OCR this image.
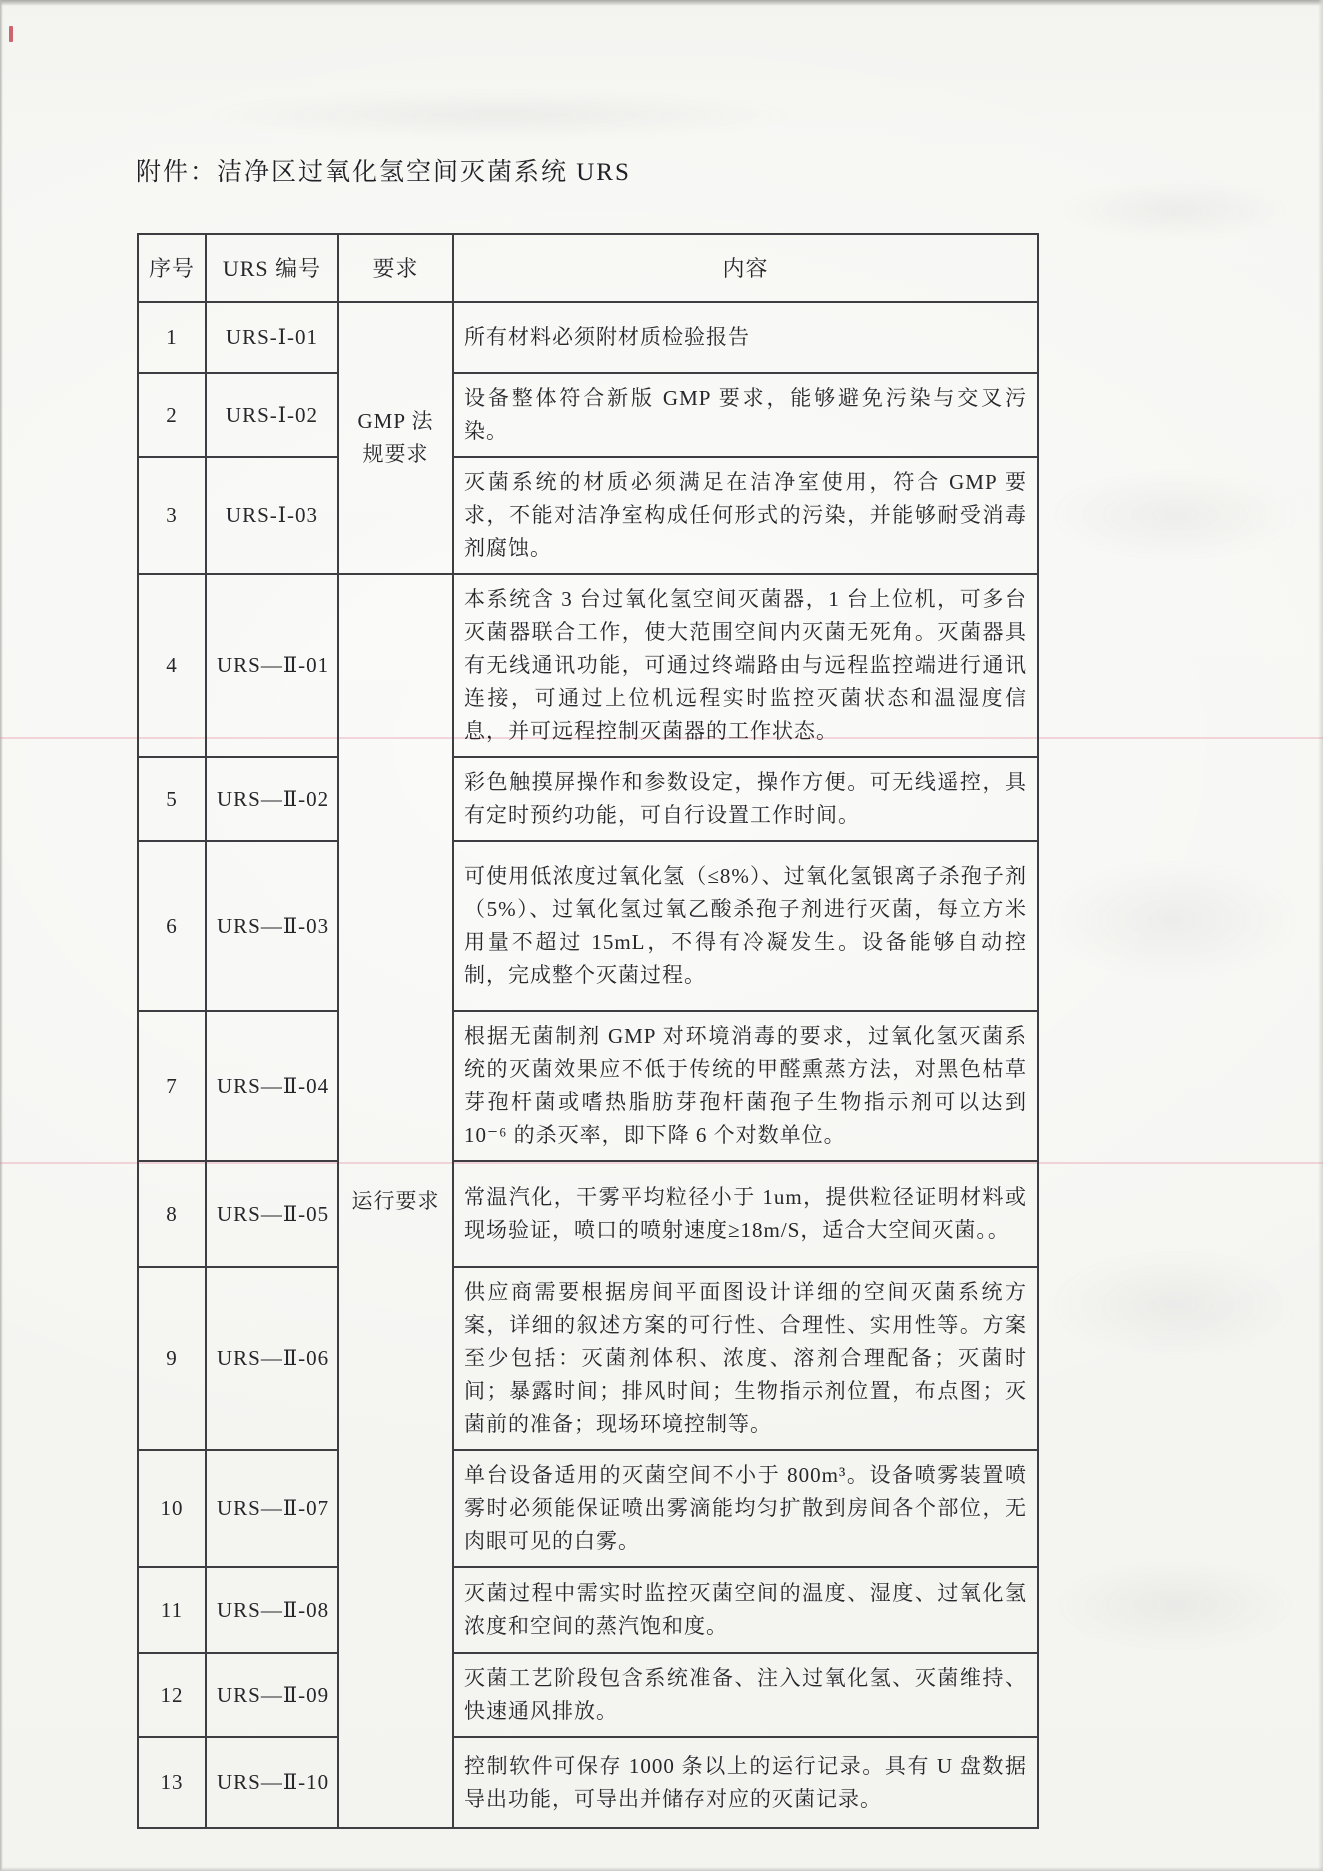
附件：洁净区过氧化氢空间灭菌系统 URS
序号	URS 编号	要求	内容
1	URS-Ⅰ-01	GMP 法规要求	所有材料必须附材质检验报告
2	URS-Ⅰ-02		设备整体符合新版 GMP 要求，能够避免污染与交叉污染。
3	URS-Ⅰ-03		灭菌系统的材质必须满足在洁净室使用，符合 GMP 要求，不能对洁净室构成任何形式的污染，并能够耐受消毒剂腐蚀。
4	URS—Ⅱ-01	运行要求	本系统含 3 台过氧化氢空间灭菌器，1 台上位机，可多台灭菌器联合工作，使大范围空间内灭菌无死角。灭菌器具有无线通讯功能，可通过终端路由与远程监控端进行通讯连接，可通过上位机远程实时监控灭菌状态和温湿度信息，并可远程控制灭菌器的工作状态。
5	URS—Ⅱ-02		彩色触摸屏操作和参数设定，操作方便。可无线遥控，具有定时预约功能，可自行设置工作时间。
6	URS—Ⅱ-03		可使用低浓度过氧化氢（≤8%）、过氧化氢银离子杀孢子剂（5%）、过氧化氢过氧乙酸杀孢子剂进行灭菌，每立方米用量不超过 15mL，不得有冷凝发生。设备能够自动控制，完成整个灭菌过程。
7	URS—Ⅱ-04		根据无菌制剂 GMP 对环境消毒的要求，过氧化氢灭菌系统的灭菌效果应不低于传统的甲醛熏蒸方法，对黑色枯草芽孢杆菌或嗜热脂肪芽孢杆菌孢子生物指示剂可以达到 10⁻⁶ 的杀灭率，即下降 6 个对数单位。
8	URS—Ⅱ-05		常温汽化，干雾平均粒径小于 1um，提供粒径证明材料或现场验证，喷口的喷射速度≥18m/S，适合大空间灭菌。。
9	URS—Ⅱ-06		供应商需要根据房间平面图设计详细的空间灭菌系统方案，详细的叙述方案的可行性、合理性、实用性等。方案至少包括：灭菌剂体积、浓度、溶剂合理配备；灭菌时间；暴露时间；排风时间；生物指示剂位置，布点图；灭菌前的准备；现场环境控制等。
10	URS—Ⅱ-07		单台设备适用的灭菌空间不小于 800m³。设备喷雾装置喷雾时必须能保证喷出雾滴能均匀扩散到房间各个部位，无肉眼可见的白雾。
11	URS—Ⅱ-08		灭菌过程中需实时监控灭菌空间的温度、湿度、过氧化氢浓度和空间的蒸汽饱和度。
12	URS—Ⅱ-09		灭菌工艺阶段包含系统准备、注入过氧化氢、灭菌维持、快速通风排放。
13	URS—Ⅱ-10		控制软件可保存 1000 条以上的运行记录。具有 U 盘数据导出功能，可导出并储存对应的灭菌记录。
